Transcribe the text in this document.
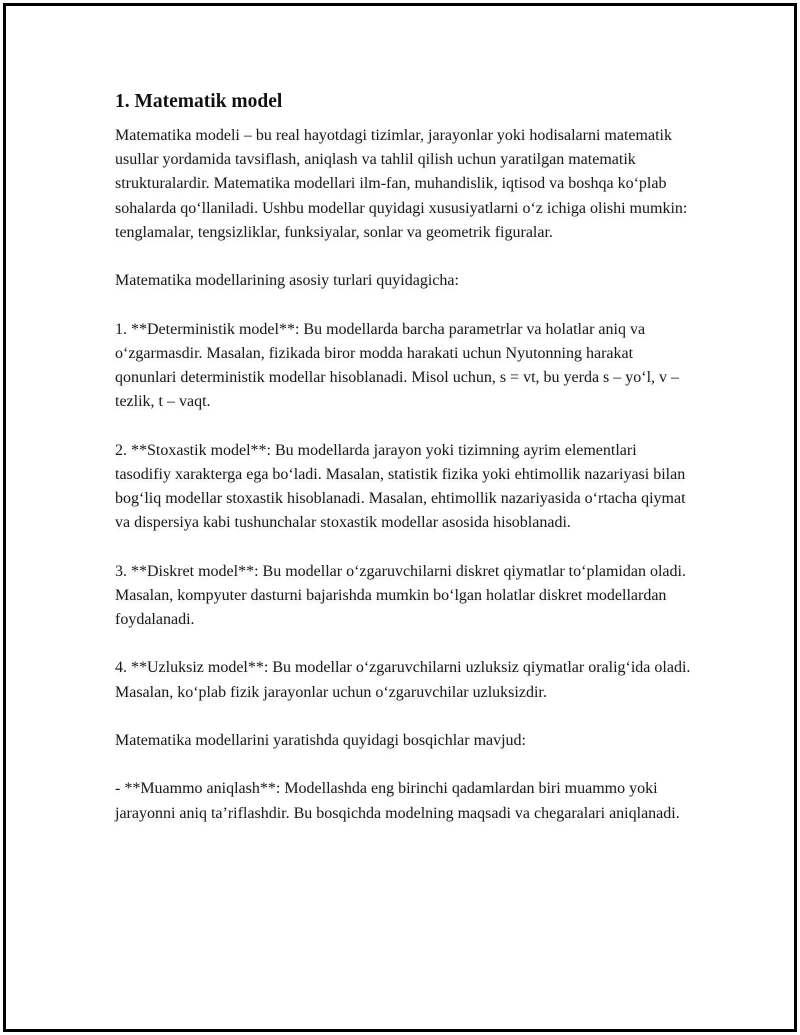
1. Matematik model

Matematika modeli – bu real hayotdagi tizimlar, jarayonlar yoki hodisalarni matematik usullar yordamida tavsiflash, aniqlash va tahlil qilish uchun yaratilgan matematik strukturalardir. Matematika modellari ilm-fan, muhandislik, iqtisod va boshqa koʻplab sohalarda qoʻllaniladi. Ushbu modellar quyidagi xususiyatlarni oʻz ichiga olishi mumkin: tenglamalar, tengsizliklar, funksiyalar, sonlar va geometrik figuralar.

Matematika modellarining asosiy turlari quyidagicha:

1. **Deterministik model**: Bu modellarda barcha parametrlar va holatlar aniq va oʻzgarmasdir. Masalan, fizikada biror modda harakati uchun Nyutonning harakat qonunlari deterministik modellar hisoblanadi. Misol uchun, s = vt, bu yerda s – yoʻl, v – tezlik, t – vaqt.

2. **Stoxastik model**: Bu modellarda jarayon yoki tizimning ayrim elementlari tasodifiy xarakterga ega boʻladi. Masalan, statistik fizika yoki ehtimollik nazariyasi bilan bogʻliq modellar stoxastik hisoblanadi. Masalan, ehtimollik nazariyasida oʻrtacha qiymat va dispersiya kabi tushunchalar stoxastik modellar asosida hisoblanadi.

3. **Diskret model**: Bu modellar oʻzgaruvchilarni diskret qiymatlar toʻplamidan oladi. Masalan, kompyuter dasturni bajarishda mumkin boʻlgan holatlar diskret modellardan foydalanadi.

4. **Uzluksiz model**: Bu modellar oʻzgaruvchilarni uzluksiz qiymatlar oraligʻida oladi. Masalan, koʻplab fizik jarayonlar uchun oʻzgaruvchilar uzluksizdir.

Matematika modellarini yaratishda quyidagi bosqichlar mavjud:

- **Muammo aniqlash**: Modellashda eng birinchi qadamlardan biri muammo yoki jarayonni aniq taʼriflashdir. Bu bosqichda modelning maqsadi va chegaralari aniqlanadi.
